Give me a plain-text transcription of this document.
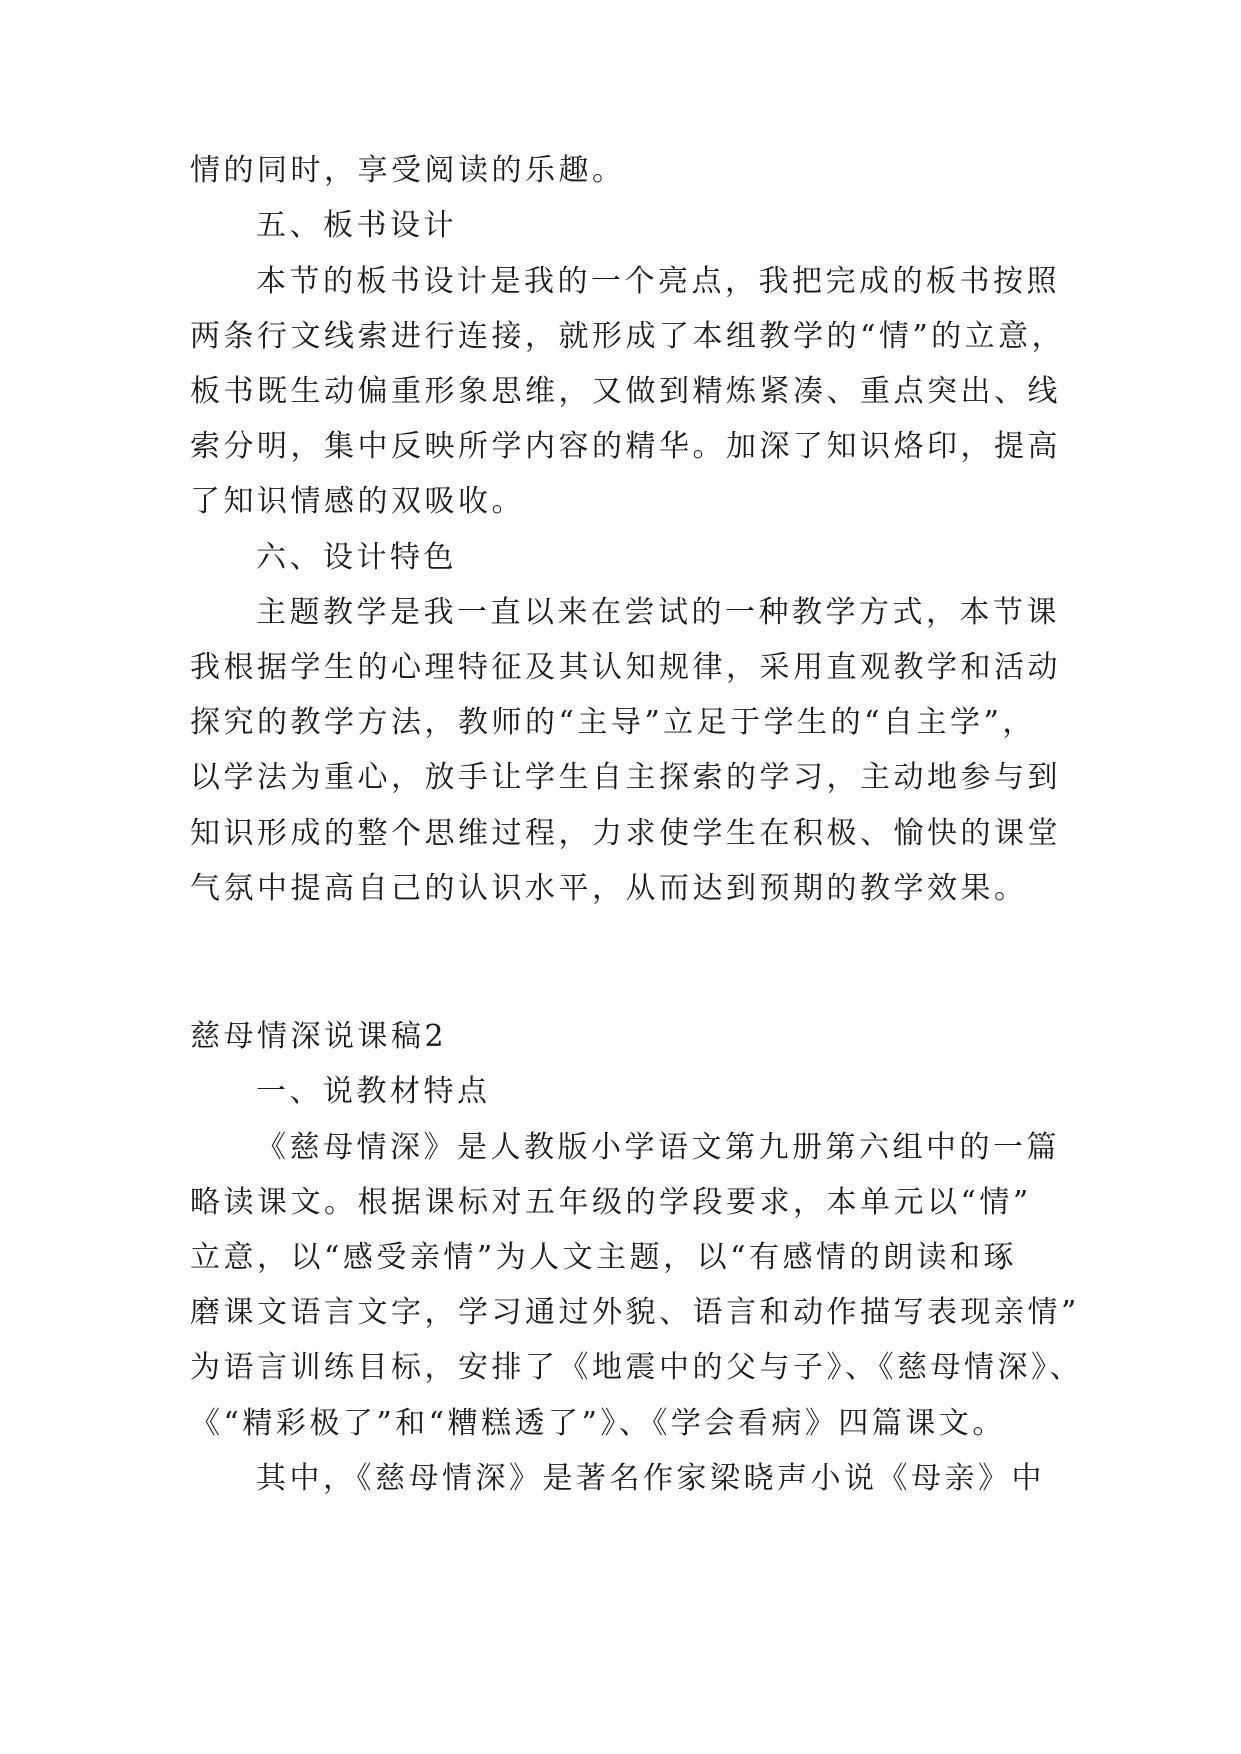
情的同时，享受阅读的乐趣。
五、板书设计
本节的板书设计是我的一个亮点，我把完成的板书按照
两条行文线索进行连接，就形成了本组教学的“情”的立意，
板书既生动偏重形象思维，又做到精炼紧凑、重点突出、线
索分明，集中反映所学内容的精华。加深了知识烙印，提高
了知识情感的双吸收。
六、设计特色
主题教学是我一直以来在尝试的一种教学方式，本节课
我根据学生的心理特征及其认知规律，采用直观教学和活动
探究的教学方法，教师的“主导”立足于学生的“自主学”，
以学法为重心，放手让学生自主探索的学习，主动地参与到
知识形成的整个思维过程，力求使学生在积极、愉快的课堂
气氛中提高自己的认识水平，从而达到预期的教学效果。
慈母情深说课稿2
一、说教材特点
《慈母情深》是人教版小学语文第九册第六组中的一篇
略读课文。根据课标对五年级的学段要求，本单元以“情”
立意，以“感受亲情”为人文主题，以“有感情的朗读和琢
磨课文语言文字，学习通过外貌、语言和动作描写表现亲情”
为语言训练目标，安排了《地震中的父与子》、《慈母情深》、
《“精彩极了”和“糟糕透了”》、《学会看病》四篇课文。
其中，《慈母情深》是著名作家梁晓声小说《母亲》中
